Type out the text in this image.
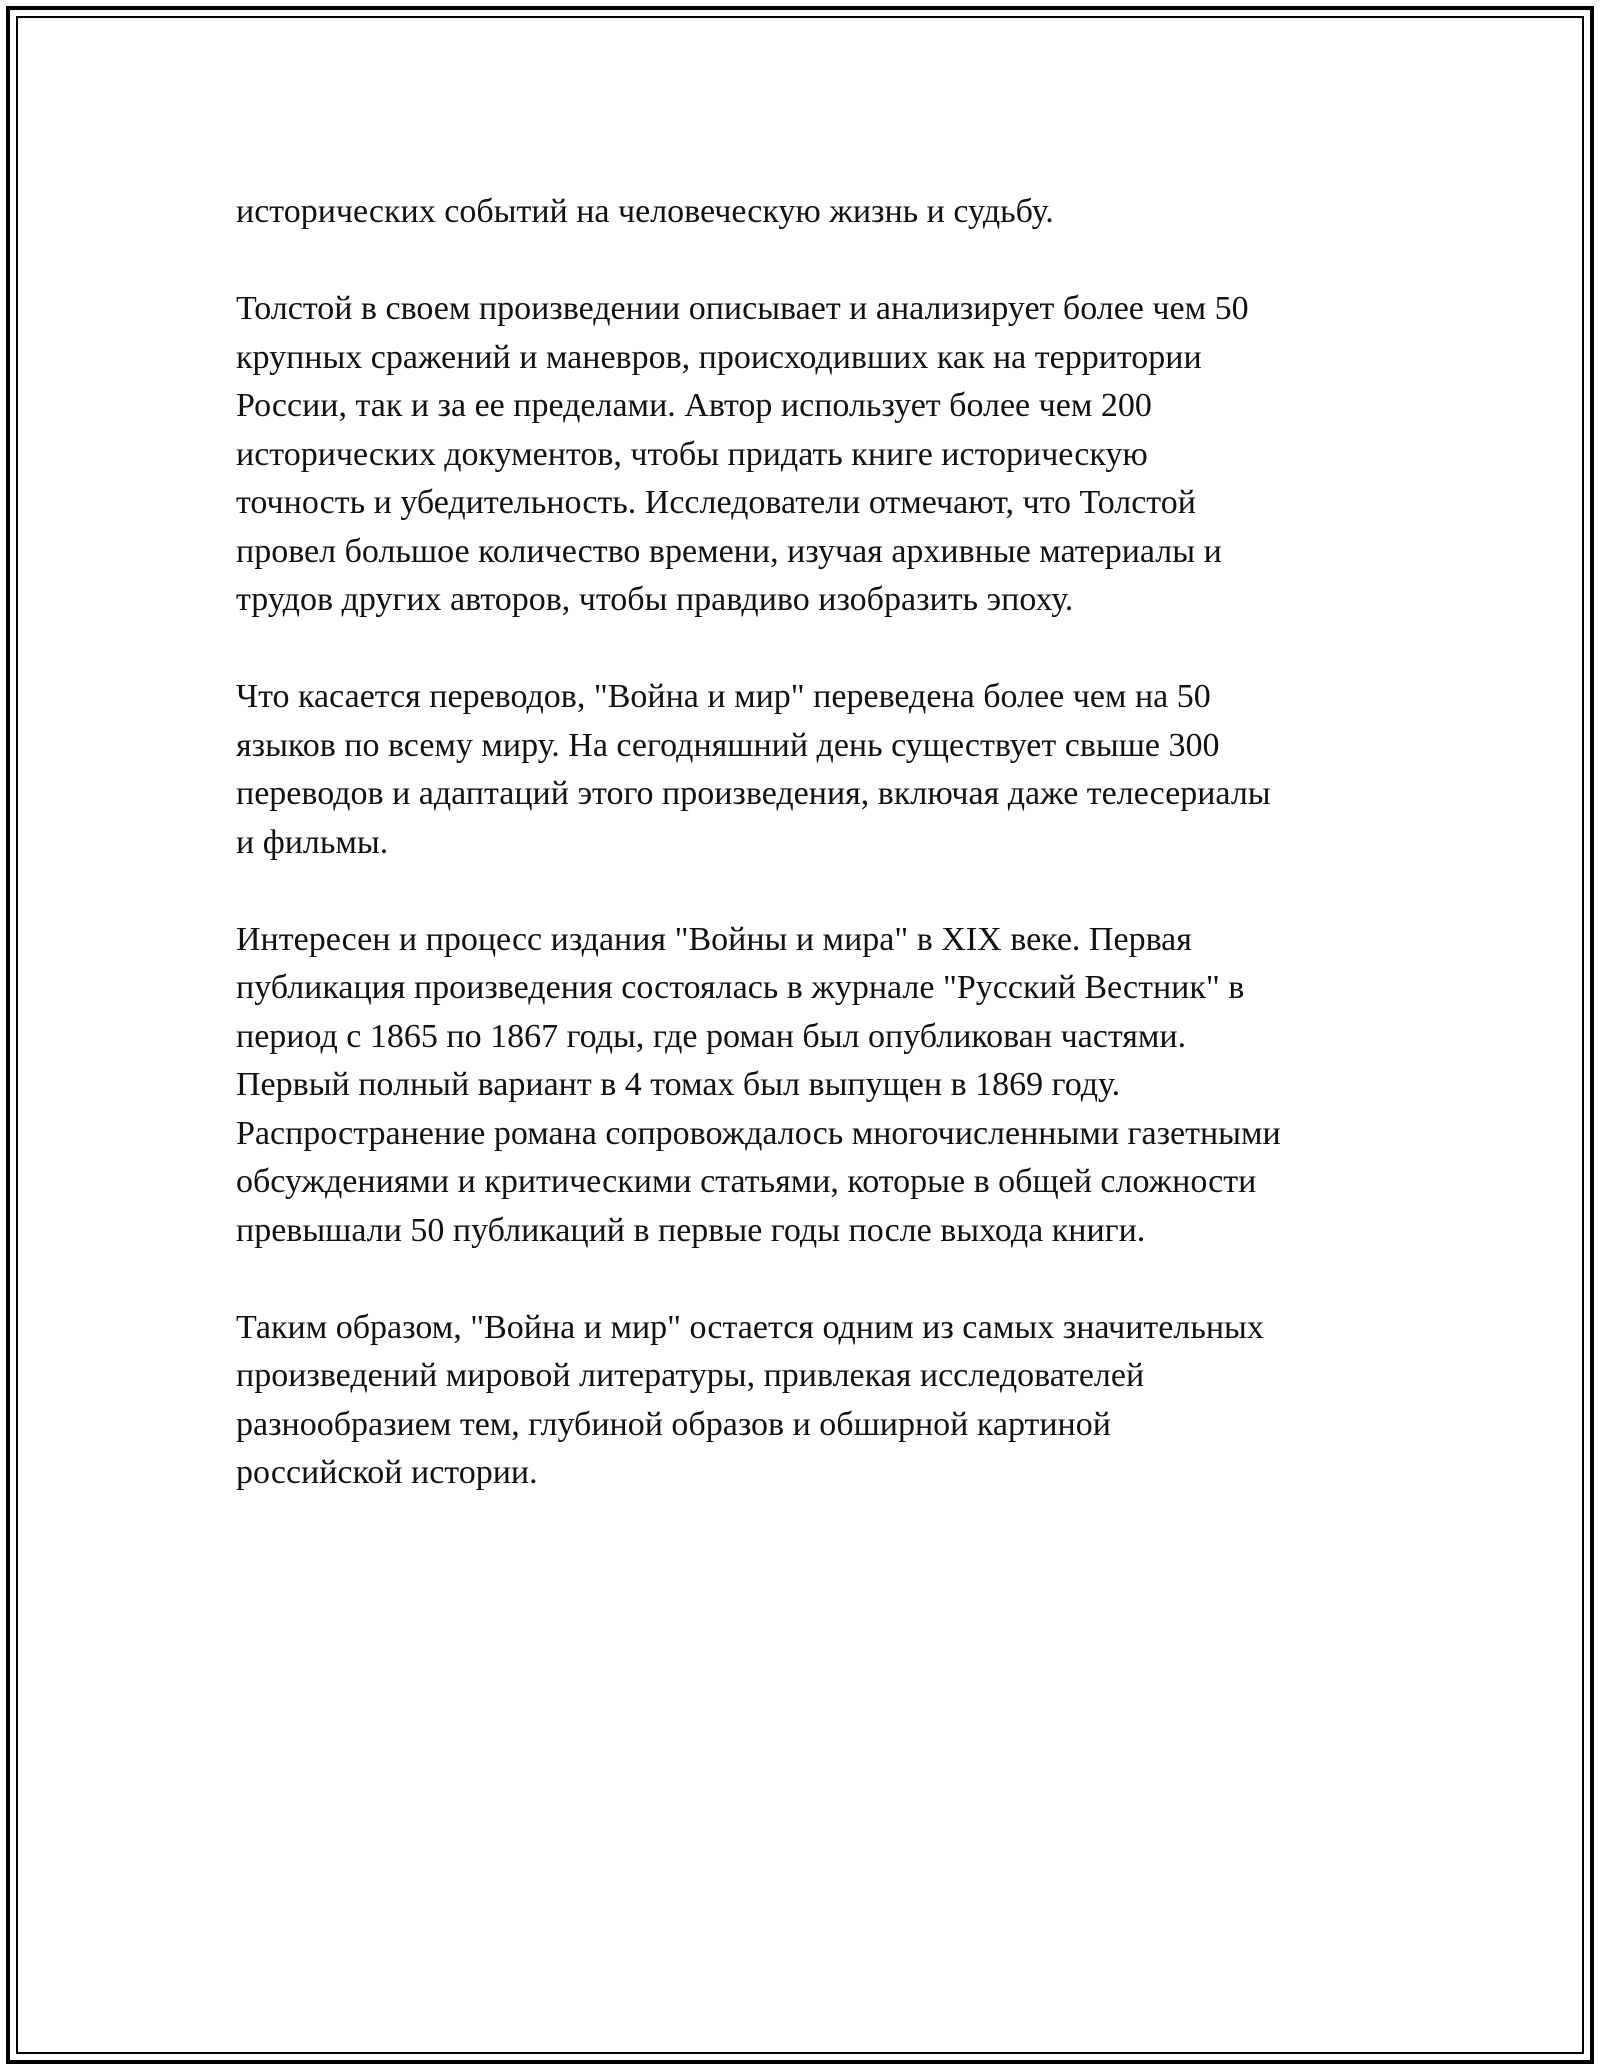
исторических событий на человеческую жизнь и судьбу.

Толстой в своем произведении описывает и анализирует более чем 50
крупных сражений и маневров, происходивших как на территории
России, так и за ее пределами. Автор использует более чем 200
исторических документов, чтобы придать книге историческую
точность и убедительность. Исследователи отмечают, что Толстой
провел большое количество времени, изучая архивные материалы и
трудов других авторов, чтобы правдиво изобразить эпоху.

Что касается переводов, "Война и мир" переведена более чем на 50
языков по всему миру. На сегодняшний день существует свыше 300
переводов и адаптаций этого произведения, включая даже телесериалы
и фильмы.

Интересен и процесс издания "Войны и мира" в XIX веке. Первая
публикация произведения состоялась в журнале "Русский Вестник" в
период с 1865 по 1867 годы, где роман был опубликован частями.
Первый полный вариант в 4 томах был выпущен в 1869 году.
Распространение романа сопровождалось многочисленными газетными
обсуждениями и критическими статьями, которые в общей сложности
превышали 50 публикаций в первые годы после выхода книги.

Таким образом, "Война и мир" остается одним из самых значительных
произведений мировой литературы, привлекая исследователей
разнообразием тем, глубиной образов и обширной картиной
российской истории.
